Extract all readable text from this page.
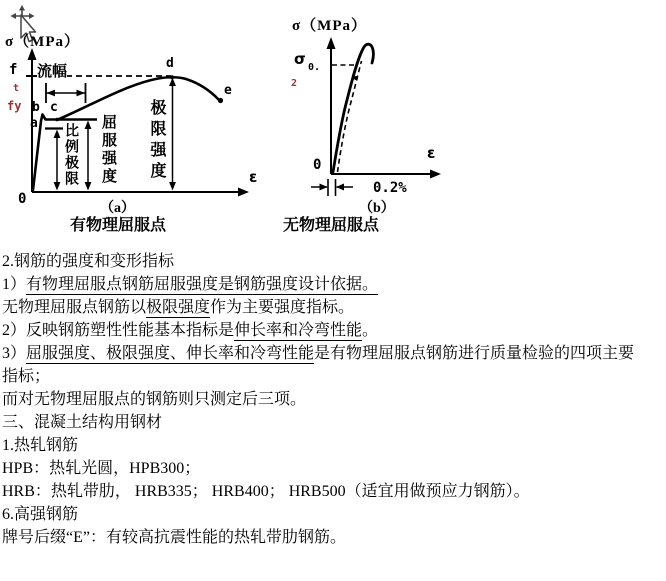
σ（MPa）
f
t
fy
流幅
b c
a
d
e
比例极限 屈服强度 极限强度
0
ε
（a）
有物理屈服点
σ（MPa）
σ 0.
2
0
ε
0.2%
（b）
无物理屈服点
2.钢筋的强度和变形指标
1）有物理屈服点钢筋屈服强度是钢筋强度设计依据。
无物理屈服点钢筋以极限强度作为主要强度指标。
2）反映钢筋塑性性能基本指标是伸长率和冷弯性能。
3）屈服强度、极限强度、伸长率和冷弯性能是有物理屈服点钢筋进行质量检验的四项主要
指标；
而对无物理屈服点的钢筋则只测定后三项。
三、混凝土结构用钢材
1.热轧钢筋
HPB：热轧光圆，HPB300；
HRB：热轧带肋， HRB335； HRB400； HRB500（适宜用做预应力钢筋）。
6.高强钢筋
牌号后缀“E”：有较高抗震性能的热轧带肋钢筋。
